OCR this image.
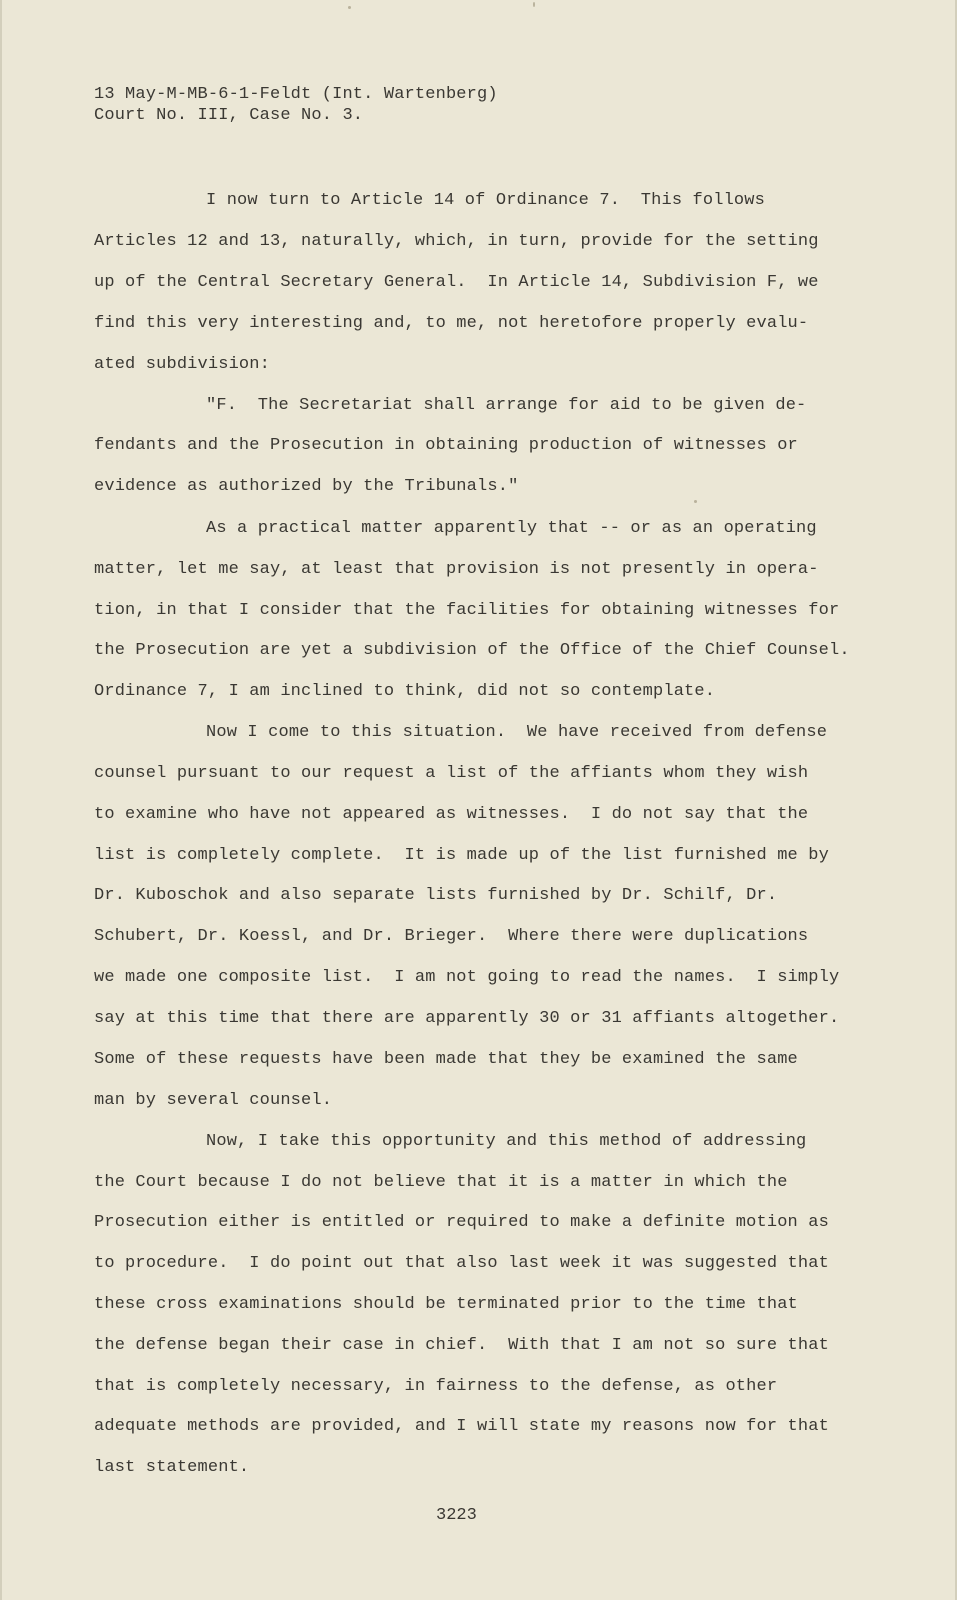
13 May-M-MB-6-1-Feldt (Int. Wartenberg)
Court No. III, Case No. 3.
I now turn to Article 14 of Ordinance 7.  This follows
Articles 12 and 13, naturally, which, in turn, provide for the setting
up of the Central Secretary General.  In Article 14, Subdivision F, we
find this very interesting and, to me, not heretofore properly evalu-
ated subdivision:
"F.  The Secretariat shall arrange for aid to be given de-
fendants and the Prosecution in obtaining production of witnesses or
evidence as authorized by the Tribunals."
As a practical matter apparently that -- or as an operating
matter, let me say, at least that provision is not presently in opera-
tion, in that I consider that the facilities for obtaining witnesses for
the Prosecution are yet a subdivision of the Office of the Chief Counsel.
Ordinance 7, I am inclined to think, did not so contemplate.
Now I come to this situation.  We have received from defense
counsel pursuant to our request a list of the affiants whom they wish
to examine who have not appeared as witnesses.  I do not say that the
list is completely complete.  It is made up of the list furnished me by
Dr. Kuboschok and also separate lists furnished by Dr. Schilf, Dr.
Schubert, Dr. Koessl, and Dr. Brieger.  Where there were duplications
we made one composite list.  I am not going to read the names.  I simply
say at this time that there are apparently 30 or 31 affiants altogether.
Some of these requests have been made that they be examined the same
man by several counsel.
Now, I take this opportunity and this method of addressing
the Court because I do not believe that it is a matter in which the
Prosecution either is entitled or required to make a definite motion as
to procedure.  I do point out that also last week it was suggested that
these cross examinations should be terminated prior to the time that
the defense began their case in chief.  With that I am not so sure that
that is completely necessary, in fairness to the defense, as other
adequate methods are provided, and I will state my reasons now for that
last statement.
3223
